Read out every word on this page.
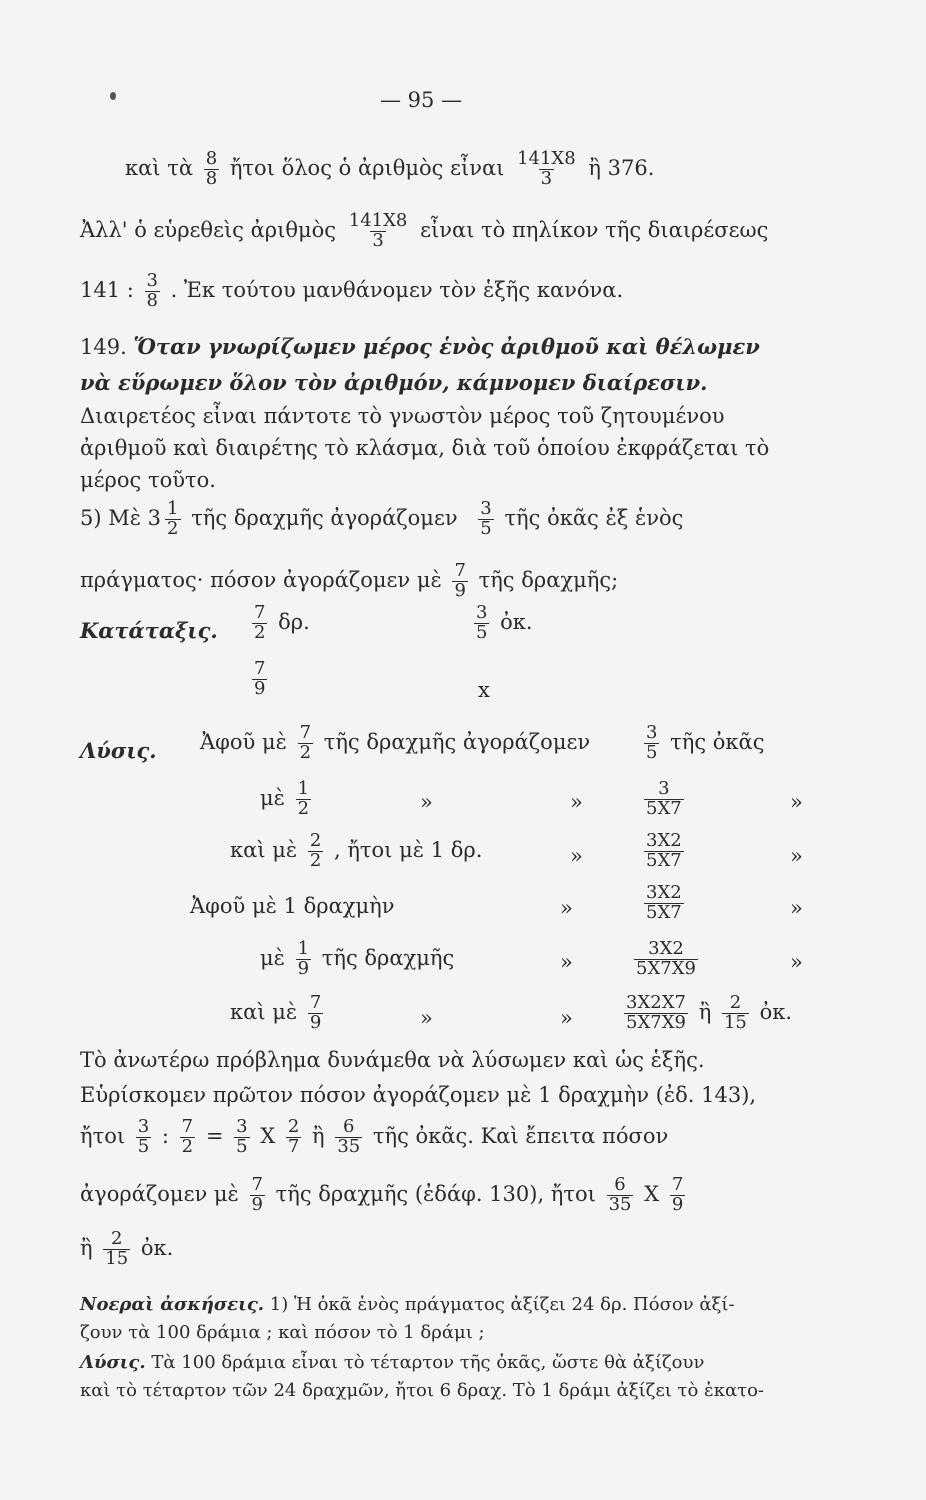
— 95 —
καὶ τὰ $\frac{8}{8}$ ἤτοι ὅλος ὁ ἀριθμὸς εἶναι $\frac{141X8}{3}$ ἢ 376.
Ἀλλ' ὁ εὑρεθεὶς ἀριθμὸς $\frac{141X8}{3}$ εἶναι τὸ πηλίκον τῆς διαιρέσεως
141 : $\frac{3}{8}$ . Ἐκ τούτου μανθάνομεν τὸν ἑξῆς κανόνα.
149. Ὅταν γνωρίζωμεν μέρος ἑνὸς ἀριθμοῦ καὶ θέλωμεν
νὰ εὕρωμεν ὅλον τὸν ἀριθμόν, κάμνομεν διαίρεσιν.
Διαιρετέος εἶναι πάντοτε τὸ γνωστὸν μέρος τοῦ ζητουμένου
ἀριθμοῦ καὶ διαιρέτης τὸ κλάσμα, διὰ τοῦ ὁποίου ἐκφράζεται τὸ
μέρος τοῦτο.
5) Μὲ $3 \frac{1}{2}$ τῆς δραχμῆς ἀγοράζομεν $\frac{3}{5}$ τῆς ὀκᾶς ἐξ ἑνὸς
πράγματος· πόσον ἀγοράζομεν μὲ $\frac{7}{9}$ τῆς δραχμῆς;
Κατάταξις. $\frac{7}{2} \delta\rho$.	$\frac{3}{5}$ ὀκ.
$\frac{7}{9}$	x
Λύσις. Ἀφοῦ μὲ $\frac{7}{2}$ τῆς δραχμῆς ἀγοράζομεν	$\frac{3}{5}$ τῆς ὀκᾶς
μὲ $\frac{1}{2}$	»	»	$\frac{3}{5X7}$	»
καὶ μὲ $\frac{2}{2}$ , ἤτοι μὲ 1 δρ.	»	$\frac{3X2}{5X7}$	»
Ἀφοῦ μὲ 1 δραχμὴν	»	$\frac{3X2}{5X7}$	»
μὲ $\frac{1}{9}$ τῆς δραχμῆς	»	$\frac{3X2}{5X7X9}$	»
καὶ μὲ $\frac{7}{9}$	»	»	$\frac{3X2X7}{5X7X9}$ ἢ $\frac{2}{15}$ ὀκ.
Τὸ ἀνωτέρω πρόβλημα δυνάμεθα νὰ λύσωμεν καὶ ὡς ἑξῆς.
Εὑρίσκομεν πρῶτον πόσον ἀγοράζομεν μὲ 1 δραχμὴν (ἐδ. 143),
ἤτοι $\frac{3}{5}$ : $\frac{7}{2} = \frac{3}{5}$ X $\frac{2}{7}$ ἢ $\frac{6}{35}$ τῆς ὀκᾶς. Καὶ ἔπειτα πόσον
ἀγοράζομεν μὲ $\frac{7}{9}$ τῆς δραχμῆς (ἐδάφ. 130), ἤτοι $\frac{6}{35}$ X $\frac{7}{9}$
ἢ $\frac{2}{15}$ ὀκ.
Νοεραὶ ἀσκήσεις. 1) Ἡ ὀκᾶ ἑνὸς πράγματος ἀξίζει 24 δρ. Πόσον ἀξί-
ζουν τὰ 100 δράμια ; καὶ πόσον τὸ 1 δράμι ;
Λύσις. Τὰ 100 δράμια εἶναι τὸ τέταρτον τῆς ὀκᾶς, ὥστε θὰ ἀξίζουν
καὶ τὸ τέταρτον τῶν 24 δραχμῶν, ἤτοι 6 δραχ. Τὸ 1 δράμι ἀξίζει τὸ ἑκατο-
